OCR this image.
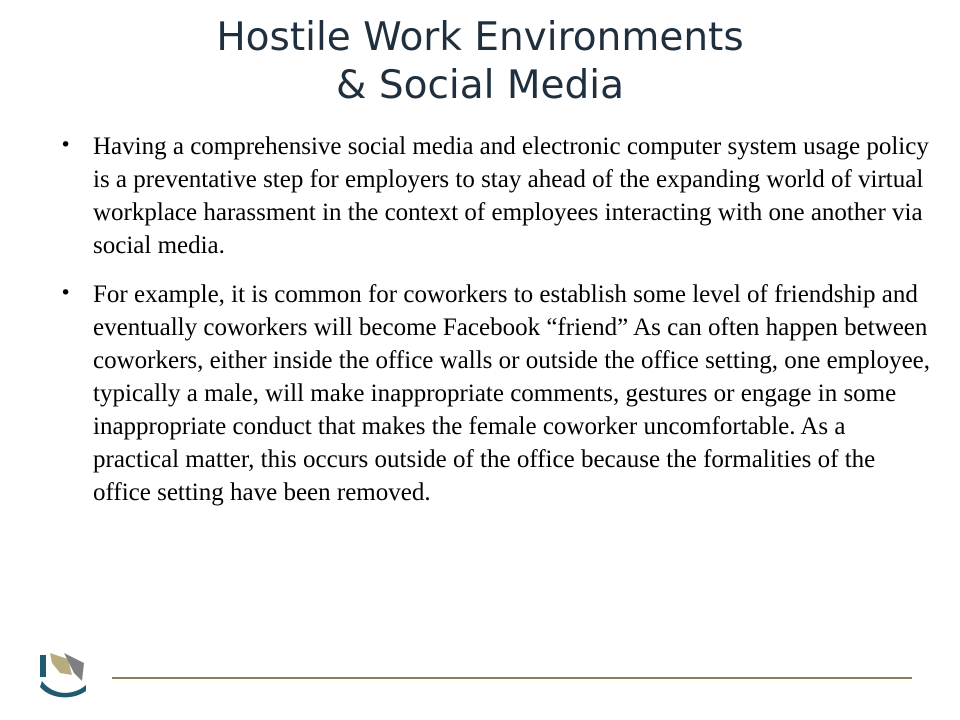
Hostile Work Environments
& Social Media
• Having a comprehensive social media and electronic computer system usage policy is a preventative step for employers to stay ahead of the expanding world of virtual workplace harassment in the context of employees interacting with one another via social media.
• For example, it is common for coworkers to establish some level of friendship and eventually coworkers will become Facebook “friend” As can often happen between coworkers, either inside the office walls or outside the office setting, one employee, typically a male, will make inappropriate comments, gestures or engage in some inappropriate conduct that makes the female coworker uncomfortable. As a practical matter, this occurs outside of the office because the formalities of the office setting have been removed.
